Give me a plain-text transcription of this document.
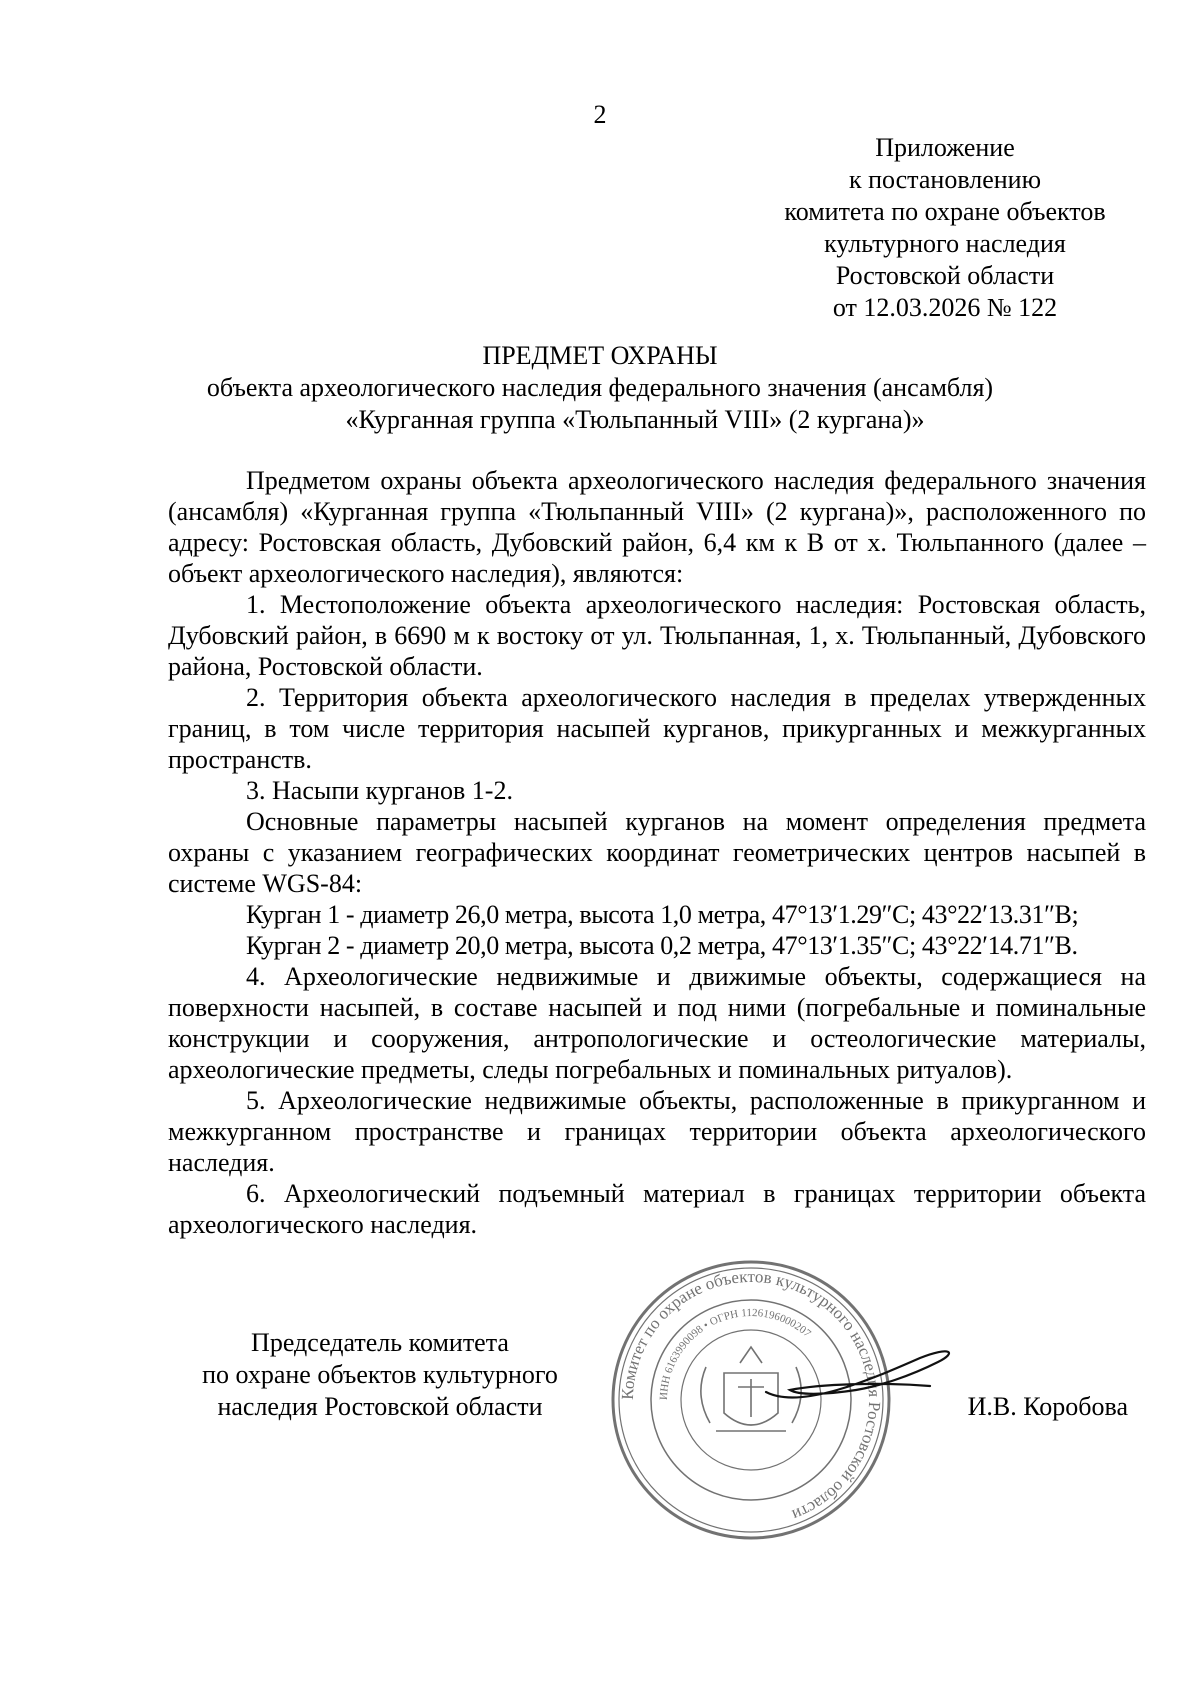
2
Приложение
к постановлению
комитета по охране объектов
культурного наследия
Ростовской области
от 12.03.2026 № 122
ПРЕДМЕТ ОХРАНЫ
объекта археологического наследия федерального значения (ансамбля)
«Курганная группа «Тюльпанный VIII» (2 кургана)»

Предметом охраны объекта археологического наследия федерального значения (ансамбля) «Курганная группа «Тюльпанный VIII» (2 кургана)», расположенного по адресу: Ростовская область, Дубовский район, 6,4 км к В от х. Тюльпанного (далее – объект археологического наследия), являются:

1. Местоположение объекта археологического наследия: Ростовская область, Дубовский район, в 6690 м к востоку от ул. Тюльпанная, 1, х. Тюльпанный, Дубовского района, Ростовской области.

2. Территория объекта археологического наследия в пределах утвержденных границ, в том числе территория насыпей курганов, прикурганных и межкурганных пространств.

3. Насыпи курганов 1-2.

Основные параметры насыпей курганов на момент определения предмета охраны с указанием географических координат геометрических центров насыпей в системе WGS-84:

Курган 1 - диаметр 26,0 метра, высота 1,0 метра, 47°13′1.29″С; 43°22′13.31″В;

Курган 2 - диаметр 20,0 метра, высота 0,2 метра, 47°13′1.35″С; 43°22′14.71″В.

4. Археологические недвижимые и движимые объекты, содержащиеся на поверхности насыпей, в составе насыпей и под ними (погребальные и поминальные конструкции и сооружения, антропологические и остеологические материалы, археологические предметы, следы погребальных и поминальных ритуалов).

5. Археологические недвижимые объекты, расположенные в прикурганном и межкурганном пространстве и границах территории объекта археологического наследия.

6. Археологический подъемный материал в границах территории объекта археологического наследия.

Председатель комитета
по охране объектов культурного
наследия Ростовской области	Комитет по охране объектов культурного наследия Ростовской области
ИНН 6163990098 • ОГРН 1126196000207
И.В. Коробова
